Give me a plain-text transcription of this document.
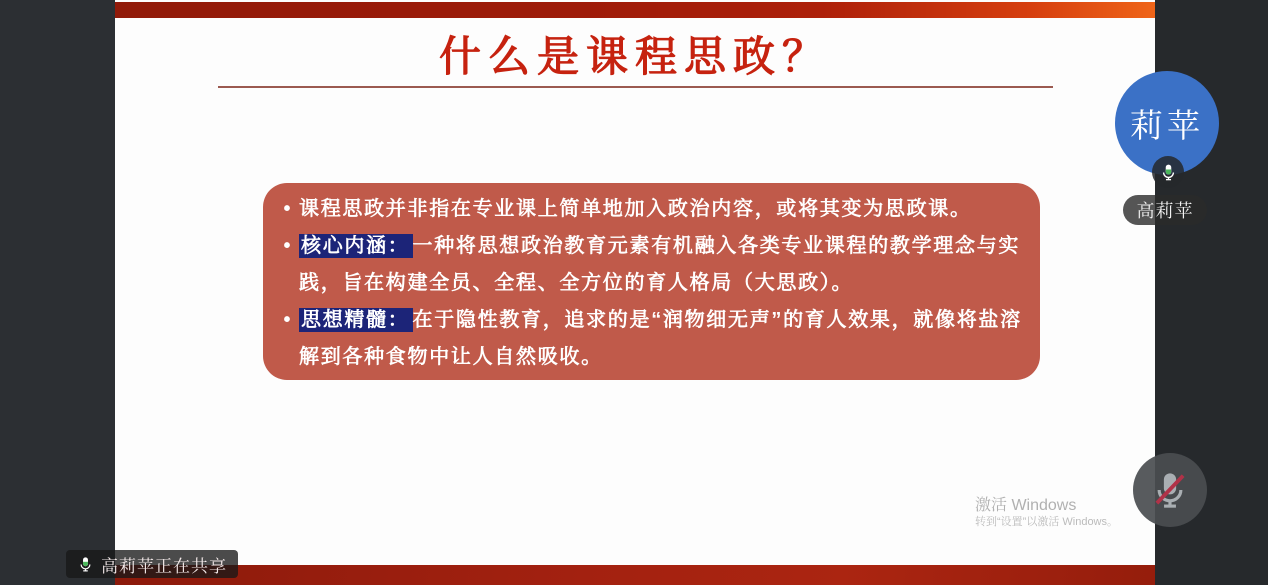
什么是课程思政？
• 课程思政并非指在专业课上简单地加入政治内容，或将其变为思政课。

• 核心内涵： 一种将思想政治教育元素有机融入各类专业课程的教学理念与实践，旨在构建全员、全程、全方位的育人格局（大思政）。

• 思想精髓： 在于隐性教育，追求的是“润物细无声”的育人效果，就像将盐溶解到各种食物中让人自然吸收。

激活 Windows
转到“设置”以激活 Windows。
莉苹
高莉苹
高莉苹正在共享
